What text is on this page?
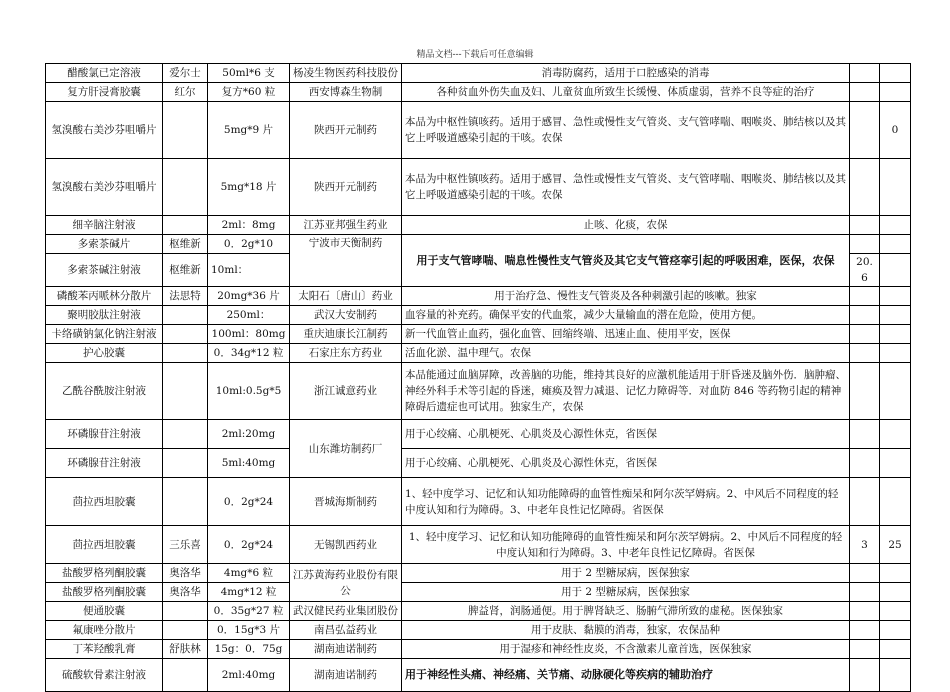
精品文档---下载后可任意编辑
醋酸氯已定溶液	爱尔士	50ml*6 支	杨凌生物医药科技股份	消毒防腐药，适用于口腔感染的消毒		
复方肝浸膏胶囊	红尔	复方*60 粒	西安博森生物制	各种贫血外伤失血及妇、儿童贫血所致生长缓慢、体质虚弱，营养不良等症的治疗		
氢溴酸右美沙芬咀嚼片		5mg*9 片	陕西开元制药	本品为中枢性镇咳药。适用于感冒、急性或慢性支气管炎、支气管哮喘、咽喉炎、肺结核以及其它上呼吸道感染引起的干咳。农保		0
氢溴酸右美沙芬咀嚼片		5mg*18 片	陕西开元制药	本品为中枢性镇咳药。适用于感冒、急性或慢性支气管炎、支气管哮喘、咽喉炎、肺结核以及其它上呼吸道感染引起的干咳。农保		
细辛脑注射液		2ml：8mg	江苏亚邦强生药业	止咳、化痰，农保		
多索茶碱片	枢维新	0．2g*10	宁波市天衡制药	用于支气管哮喘、喘息性慢性支气管炎及其它支气管痉挛引起的呼吸困难，医保，农保		
多索茶碱注射液	枢维新	10ml：			20.6	
磷酸苯丙哌林分散片	法思特	20mg*36 片	太阳石〔唐山〕药业	用于治疗急、慢性支气管炎及各种刺激引起的咳嗽。独家		
聚明胶肽注射液		250ml：	武汉大安制药	血容量的补充药。确保平安的代血浆，减少大量输血的潜在危险，使用方便。		
卡络磺钠氯化钠注射液		100ml：80mg	重庆迪康长江制药	新一代血管止血药，强化血管、回缩终端、迅速止血、使用平安，医保		
护心胶囊		0．34g*12 粒	石家庄东方药业	活血化淤、温中理气。农保		
乙酰谷酰胺注射液		10ml:0.5g*5	浙江诚意药业	本品能通过血脑屏障，改善脑的功能，维持其良好的应激机能适用于肝昏迷及脑外伤．脑肿瘤、神经外科手术等引起的昏迷，瘫痪及智力减退、记忆力障碍等．对血防 846 等药物引起的精神障碍后遗症也可试用。独家生产，农保		
环磷腺苷注射液		2ml:20mg	山东潍坊制药厂	用于心绞痛、心肌梗死、心肌炎及心源性休克，省医保		
环磷腺苷注射液		5ml:40mg		用于心绞痛、心肌梗死、心肌炎及心源性休克，省医保		
茴拉西坦胶囊		0．2g*24	晋城海斯制药	1、轻中度学习、记忆和认知功能障碍的血管性痴呆和阿尔茨罕姆病。2、中风后不同程度的轻中度认知和行为障碍。3、中老年良性记忆障碍。省医保		
茴拉西坦胶囊	三乐喜	0．2g*24	无锡凯西药业	1、轻中度学习、记忆和认知功能障碍的血管性痴呆和阿尔茨罕姆病。2、中风后不同程度的轻中度认知和行为障碍。3、中老年良性记忆障碍。省医保	3	25
盐酸罗格列酮胶囊	奥洛华	4mg*6 粒	江苏黄海药业股份有限公	用于 2 型糖尿病，医保独家		
盐酸罗格列酮胶囊	奥洛华	4mg*12 粒		用于 2 型糖尿病，医保独家		
便通胶囊		0．35g*27 粒	武汉健民药业集团股份	脾益肾，润肠通便。用于脾肾缺乏、肠腑气滞所致的虚秘。医保独家		
氟康唑分散片		0．15g*3 片	南昌弘益药业	用于皮肤、黏膜的消毒，独家，农保品种		
丁苯羟酸乳膏	舒肤林	15g：0．75g	湖南迪诺制药	用于湿疹和神经性皮炎，不含激素儿童首选，医保独家		
硫酸软骨素注射液		2ml:40mg	湖南迪诺制药	用于神经性头痛、神经痛、关节痛、动脉硬化等疾病的辅助治疗		
